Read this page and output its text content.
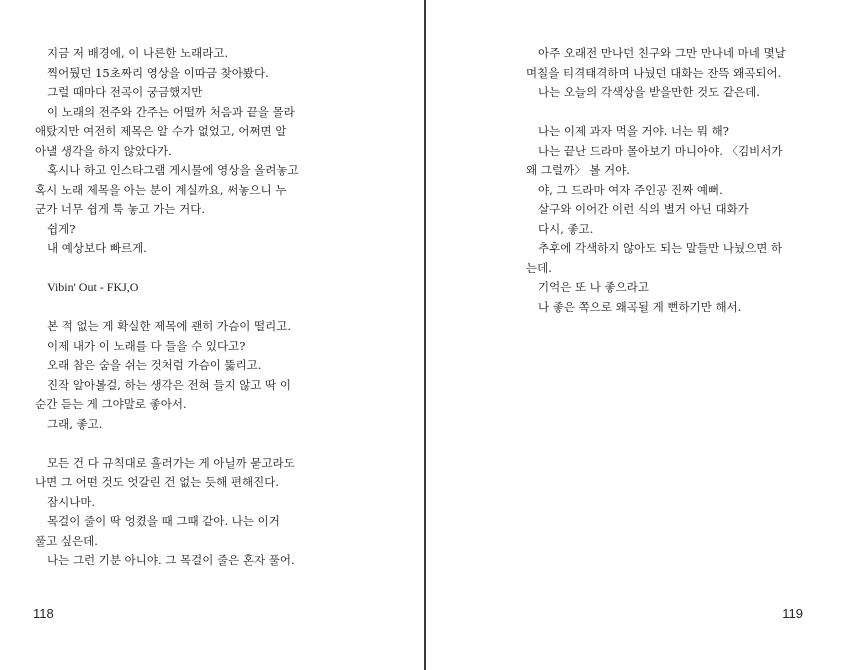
지금 저 배경에, 이 나른한 노래라고.
찍어뒀던 15초짜리 영상을 이따금 찾아봤다.
그럴 때마다 전곡이 궁금했지만
이 노래의 전주와 간주는 어떨까 처음과 끝을 몰라
애탔지만 여전히 제목은 알 수가 없었고, 어쩌면 알
아낼 생각을 하지 않았다가.
혹시나 하고 인스타그램 게시물에 영상을 올려놓고
혹시 노래 제목을 아는 분이 계실까요, 써놓으니 누
군가 너무 쉽게 툭 놓고 가는 거다.
쉽게?
내 예상보다 빠르게.
Vibin' Out - FKJ,O
본 적 없는 게 확실한 제목에 괜히 가슴이 떨리고.
이제 내가 이 노래를 다 들을 수 있다고?
오래 참은 숨을 쉬는 것처럼 가슴이 뚫리고.
진작 알아볼걸, 하는 생각은 전혀 들지 않고 딱 이
순간 듣는 게 그야말로 좋아서.
그래, 좋고.
모든 건 다 규칙대로 흘러가는 게 아닐까 묻고라도
나면 그 어떤 것도 엇갈린 건 없는 듯해 편해진다.
잠시나마.
목걸이 줄이 딱 엉켰을 때 그때 같아. 나는 이거
풀고 싶은데.
나는 그런 기분 아니야. 그 목걸이 줄은 혼자 풀어.
118
아주 오래전 만나던 친구와 그만 만나네 마네 몇날
며칠을 티격태격하며 나눴던 대화는 잔뜩 왜곡되어.
나는 오늘의 각색상을 받을만한 것도 같은데.
나는 이제 과자 먹을 거야. 너는 뭐 해?
나는 끝난 드라마 몰아보기 마니아야. 〈김비서가
왜 그럴까〉 볼 거야.
야, 그 드라마 여자 주인공 진짜 예뻐.
살구와 이어간 이런 식의 별거 아닌 대화가
다시, 좋고.
추후에 각색하지 않아도 되는 말들만 나눴으면 하
는데.
기억은 또 나 좋으라고
나 좋은 쪽으로 왜곡될 게 뻔하기만 해서.
119
